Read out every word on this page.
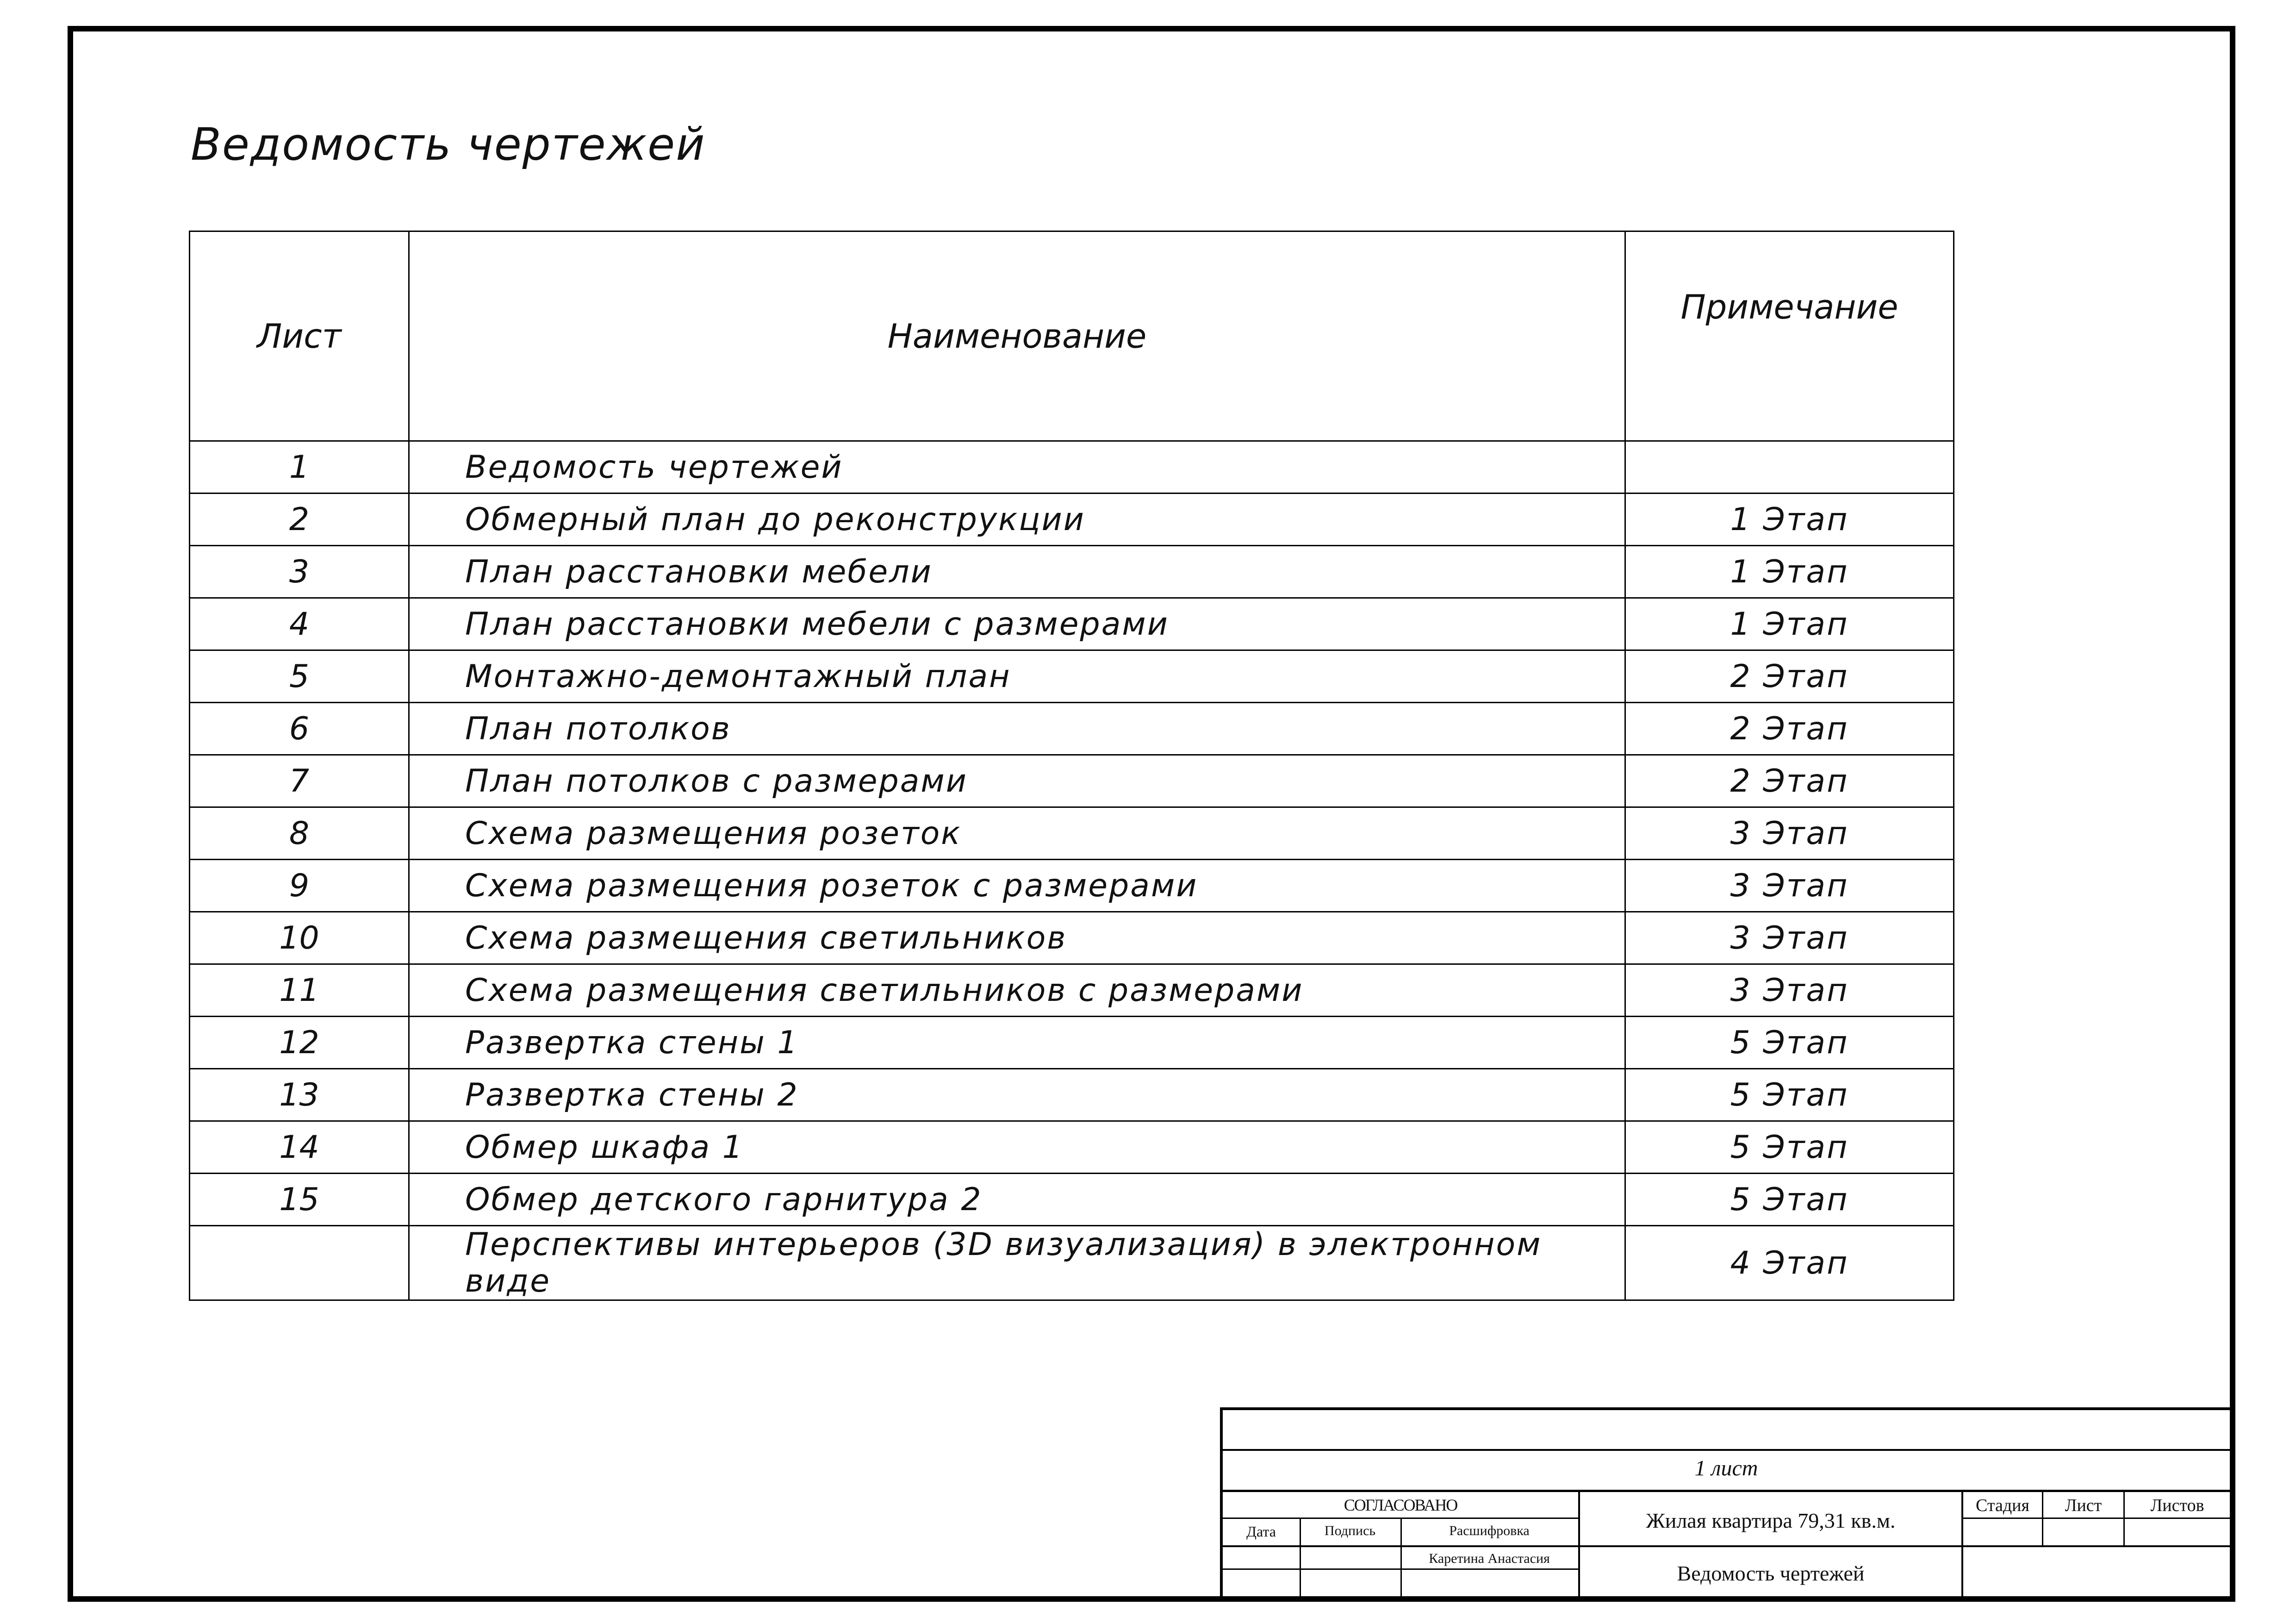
Ведомость чертежей
Лист	Наименование	Примечание
1	Ведомость чертежей	
2	Обмерный план до реконструкции	1 Этап
3	План расстановки мебели	1 Этап
4	План расстановки мебели с размерами	1 Этап
5	Монтажно-демонтажный план	2 Этап
6	План потолков	2 Этап
7	План потолков с размерами	2 Этап
8	Схема размещения розеток	3 Этап
9	Схема размещения розеток с размерами	3 Этап
10	Схема размещения светильников	3 Этап
11	Схема размещения светильников с размерами	3 Этап
12	Развертка стены 1	5 Этап
13	Развертка стены 2	5 Этап
14	Обмер шкафа 1	5 Этап
15	Обмер детского гарнитура 2	5 Этап
	Перспективы интерьеров (3D визуализация) в электронном виде	4 Этап
1 лист
СОГЛАСОВАНО
Дата	Подпись	Расшифровка
Каретина Анастасия
Жилая квартира 79,31 кв.м.
Ведомость чертежей
Стадия	Лист	Листов
